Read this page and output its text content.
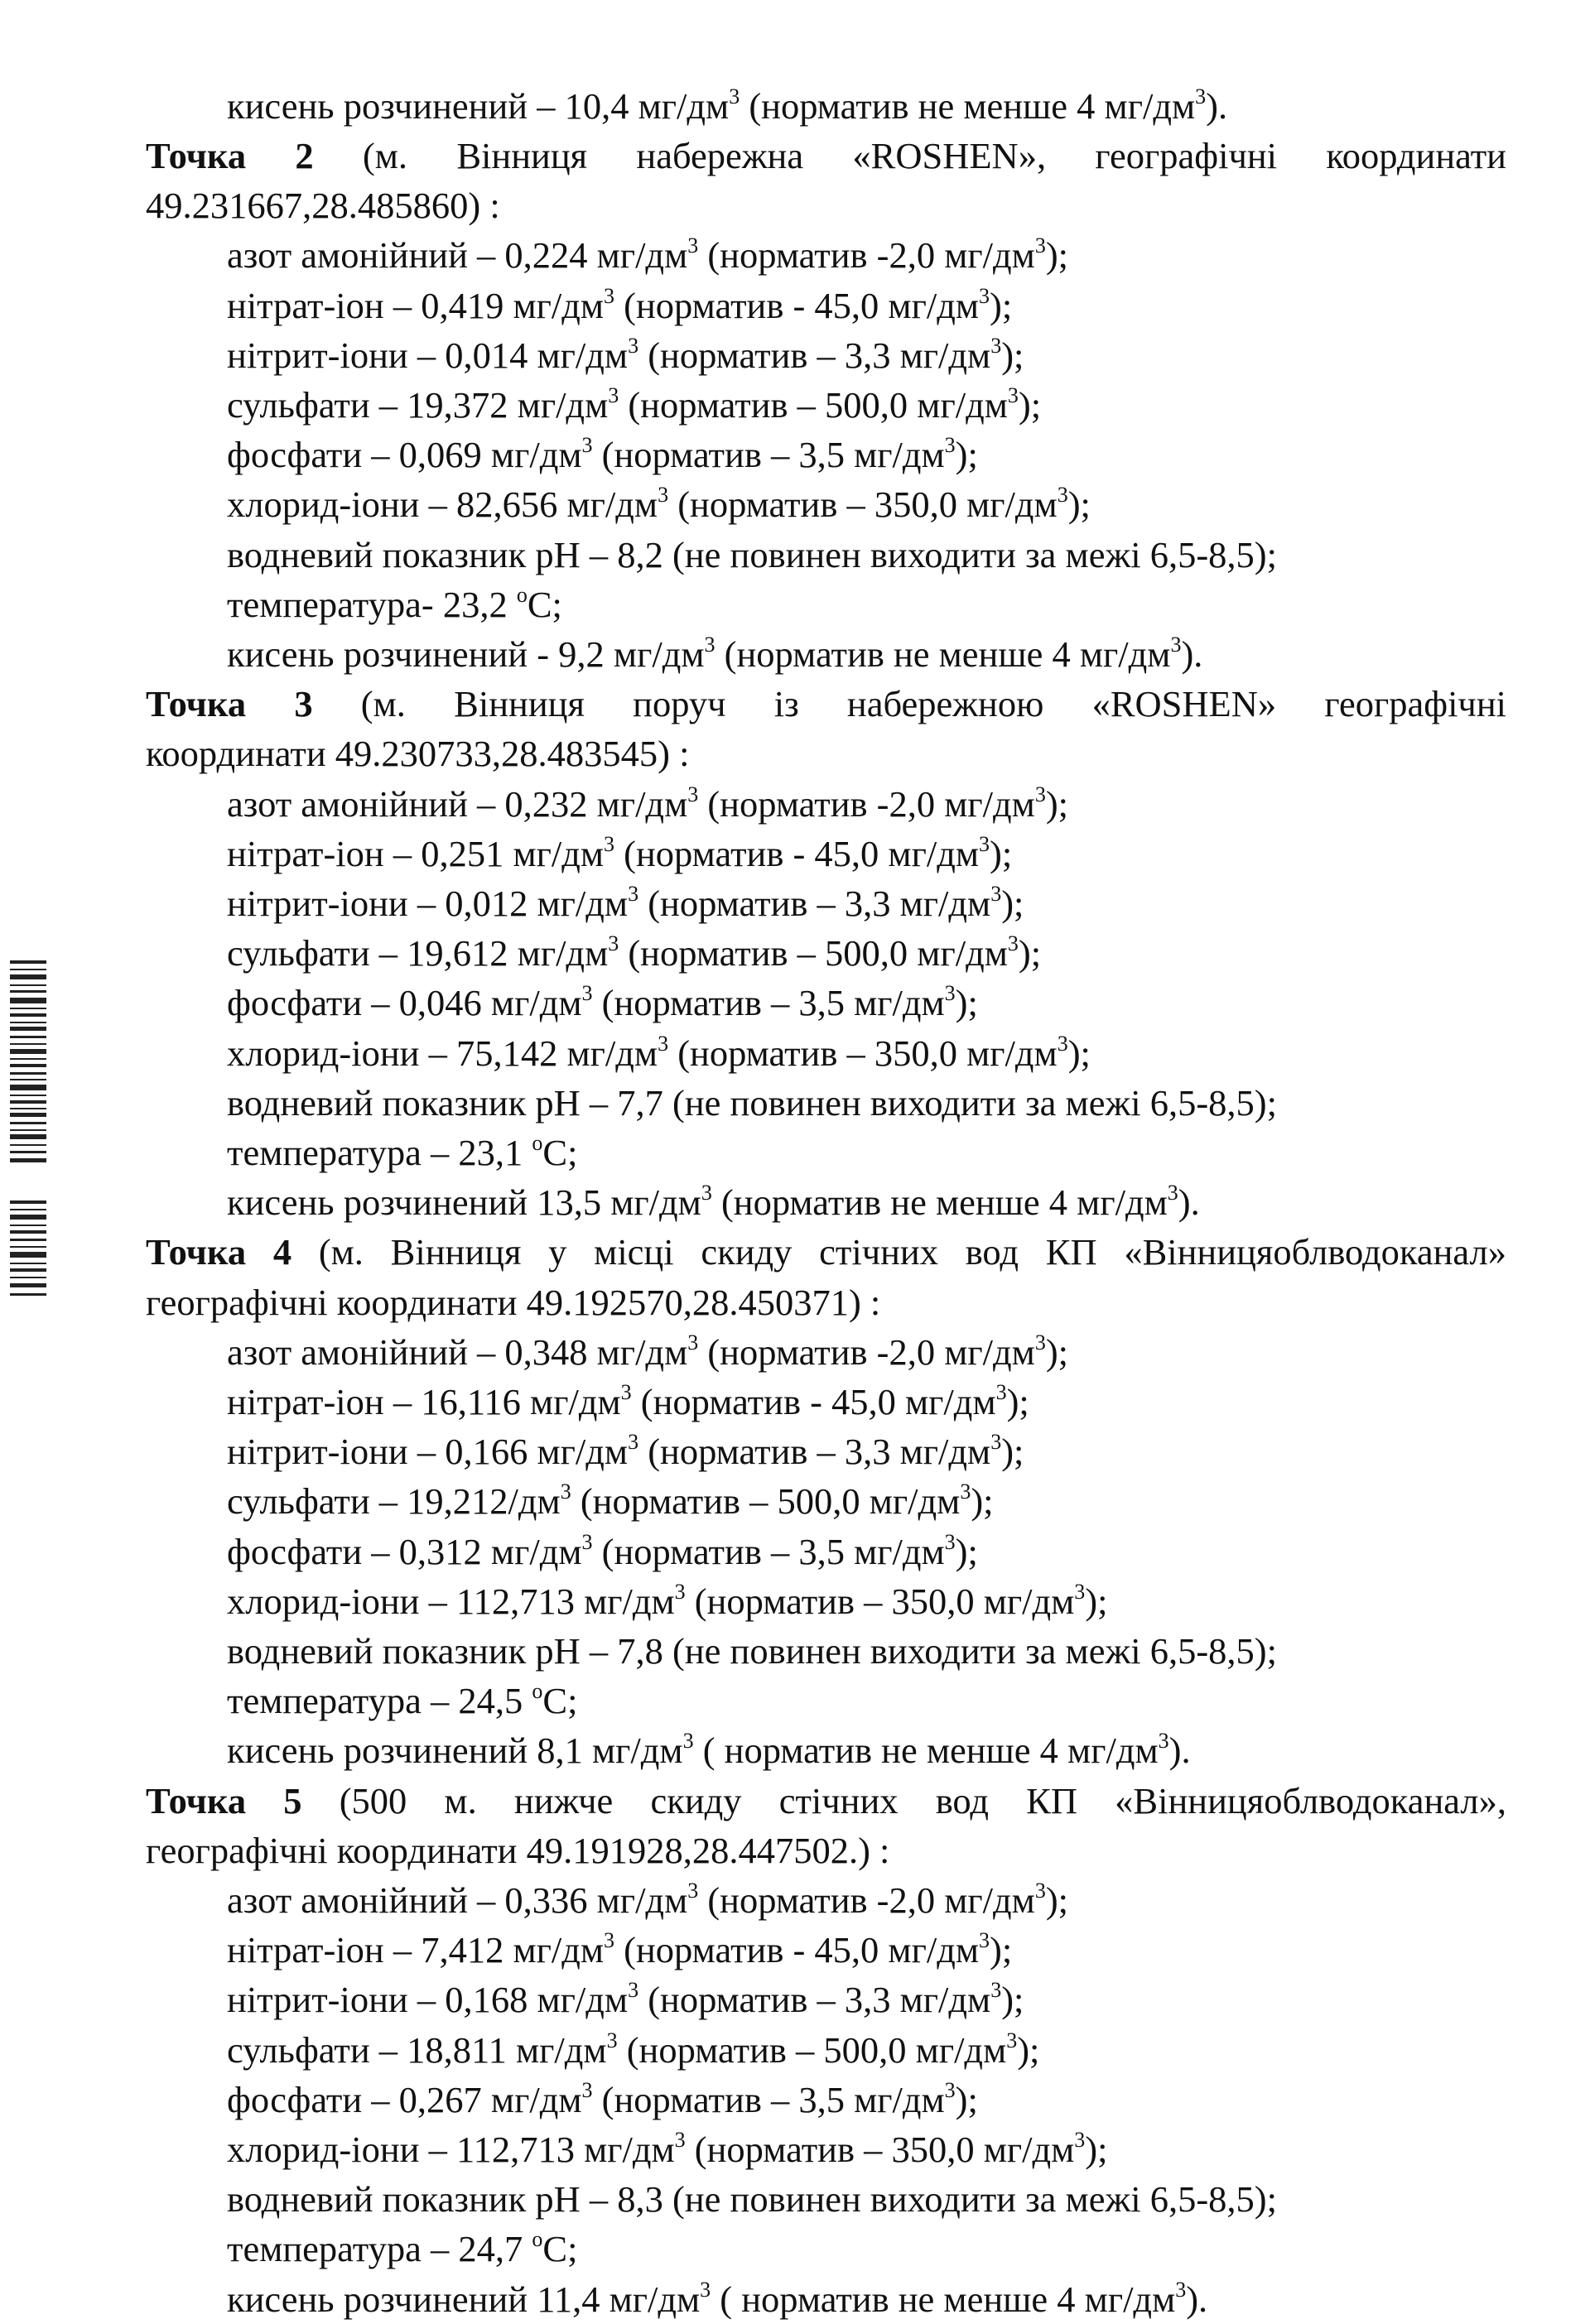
кисень розчинений – 10,4 $мг/дм^3$ (норматив не менше 4 $мг/дм^3$).
Точка 2 (м. Вінниця набережна «ROSHEN», географічні координати
49.231667,28.485860) :
азот амонійний – 0,224 $мг/дм^3$ (норматив -2,0 $мг/дм^3$);
нітрат-іон – 0,419 $мг/дм^3$ (норматив - 45,0 $мг/дм^3$);
нітрит-іони – 0,014 $мг/дм^3$ (норматив – 3,3 $мг/дм^3$);
сульфати – 19,372 $мг/дм^3$ (норматив – 500,0 $мг/дм^3$);
фосфати – 0,069 $мг/дм^3$ (норматив – 3,5 $мг/дм^3$);
хлорид-іони – 82,656 $мг/дм^3$ (норматив – 350,0 $мг/дм^3$);
водневий показник pH – 8,2 (не повинен виходити за межі 6,5-8,5);
температура- 23,2 $^о$С;
кисень розчинений - 9,2 $мг/дм^3$ (норматив не менше 4 $мг/дм^3$).
Точка 3 (м. Вінниця поруч із набережною «ROSHEN» географічні
координати 49.230733,28.483545) :
азот амонійний – 0,232 $мг/дм^3$ (норматив -2,0 $мг/дм^3$);
нітрат-іон – 0,251 $мг/дм^3$ (норматив - 45,0 $мг/дм^3$);
нітрит-іони – 0,012 $мг/дм^3$ (норматив – 3,3 $мг/дм^3$);
сульфати – 19,612 $мг/дм^3$ (норматив – 500,0 $мг/дм^3$);
фосфати – 0,046 $мг/дм^3$ (норматив – 3,5 $мг/дм^3$);
хлорид-іони – 75,142 $мг/дм^3$ (норматив – 350,0 $мг/дм^3$);
водневий показник pH – 7,7 (не повинен виходити за межі 6,5-8,5);
температура – 23,1 $^о$С;
кисень розчинений 13,5 $мг/дм^3$ (норматив не менше 4 $мг/дм^3$).
Точка 4 (м. Вінниця у місці скиду стічних вод КП «Вінницяоблводоканал»
географічні координати 49.192570,28.450371) :
азот амонійний – 0,348 $мг/дм^3$ (норматив -2,0 $мг/дм^3$);
нітрат-іон – 16,116 $мг/дм^3$ (норматив - 45,0 $мг/дм^3$);
нітрит-іони – 0,166 $мг/дм^3$ (норматив – 3,3 $мг/дм^3$);
сульфати – $19,212/дм^3$ (норматив – 500,0 $мг/дм^3$);
фосфати – 0,312 $мг/дм^3$ (норматив – 3,5 $мг/дм^3$);
хлорид-іони – 112,713 $мг/дм^3$ (норматив – 350,0 $мг/дм^3$);
водневий показник pH – 7,8 (не повинен виходити за межі 6,5-8,5);
температура – 24,5 $^о$С;
кисень розчинений 8,1 $мг/дм^3$ ( норматив не менше 4 $мг/дм^3$).
Точка 5 (500 м. нижче скиду стічних вод КП «Вінницяоблводоканал»,
географічні координати 49.191928,28.447502.) :
азот амонійний – 0,336 $мг/дм^3$ (норматив -2,0 $мг/дм^3$);
нітрат-іон – 7,412 $мг/дм^3$ (норматив - 45,0 $мг/дм^3$);
нітрит-іони – 0,168 $мг/дм^3$ (норматив – 3,3 $мг/дм^3$);
сульфати – 18,811 $мг/дм^3$ (норматив – 500,0 $мг/дм^3$);
фосфати – 0,267 $мг/дм^3$ (норматив – 3,5 $мг/дм^3$);
хлорид-іони – 112,713 $мг/дм^3$ (норматив – 350,0 $мг/дм^3$);
водневий показник pH – 8,3 (не повинен виходити за межі 6,5-8,5);
температура – 24,7 $^о$С;
кисень розчинений 11,4 $мг/дм^3$ ( норматив не менше 4 $мг/дм^3$).
